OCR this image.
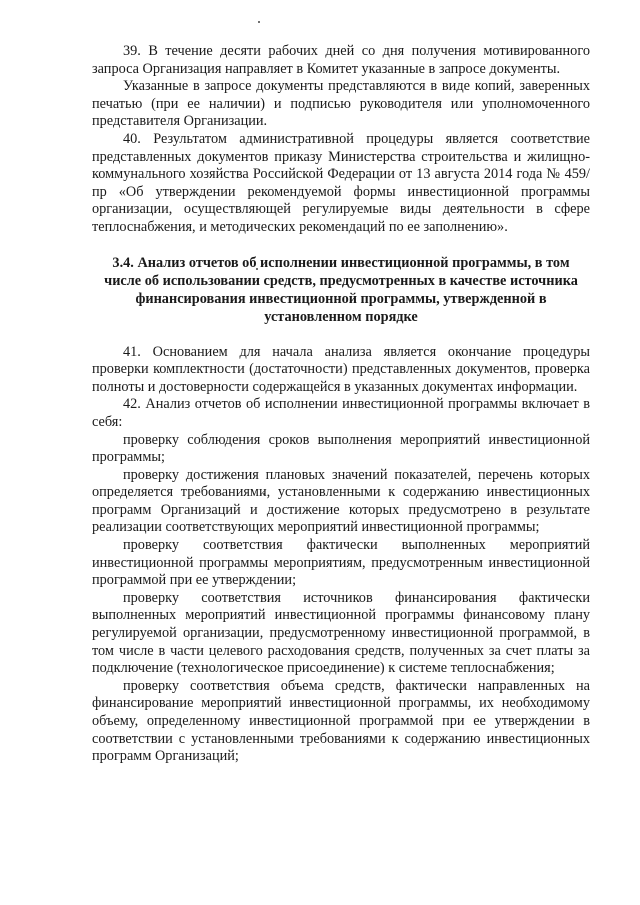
39. В течение десяти рабочих дней со дня получения мотивированного запроса Организация направляет в Комитет указанные в запросе документы.

Указанные в запросе документы представляются в виде копий, заверенных печатью (при ее наличии) и подписью руководителя или уполномоченного представителя Организации.

40. Результатом административной процедуры является соответствие представленных документов приказу Министерства строительства и жилищно-коммунального хозяйства Российской Федерации от 13 августа 2014 года № 459/пр «Об утверждении рекомендуемой формы инвестиционной программы организации, осуществляющей регулируемые виды деятельности в сфере теплоснабжения, и методических рекомендаций по ее заполнению».

3.4. Анализ отчетов об исполнении инвестиционной программы, в том числе об использовании средств, предусмотренных в качестве источника финансирования инвестиционной программы, утвержденной в установленном порядке

41. Основанием для начала анализа является окончание процедуры проверки комплектности (достаточности) представленных документов, проверка полноты и достоверности содержащейся в указанных документах информации.

42. Анализ отчетов об исполнении инвестиционной программы включает в себя:

проверку соблюдения сроков выполнения мероприятий инвестиционной программы;

проверку достижения плановых значений показателей, перечень которых определяется требованиями, установленными к содержанию инвестиционных программ Организаций и достижение которых предусмотрено в результате реализации соответствующих мероприятий инвестиционной программы;

проверку соответствия фактически выполненных мероприятий инвестиционной программы мероприятиям, предусмотренным инвестиционной программой при ее утверждении;

проверку соответствия источников финансирования фактически выполненных мероприятий инвестиционной программы финансовому плану регулируемой организации, предусмотренному инвестиционной программой, в том числе в части целевого расходования средств, полученных за счет платы за подключение (технологическое присоединение) к системе теплоснабжения;

проверку соответствия объема средств, фактически направленных на финансирование мероприятий инвестиционной программы, их необходимому объему, определенному инвестиционной программой при ее утверждении в соответствии с установленными требованиями к содержанию инвестиционных программ Организаций;
